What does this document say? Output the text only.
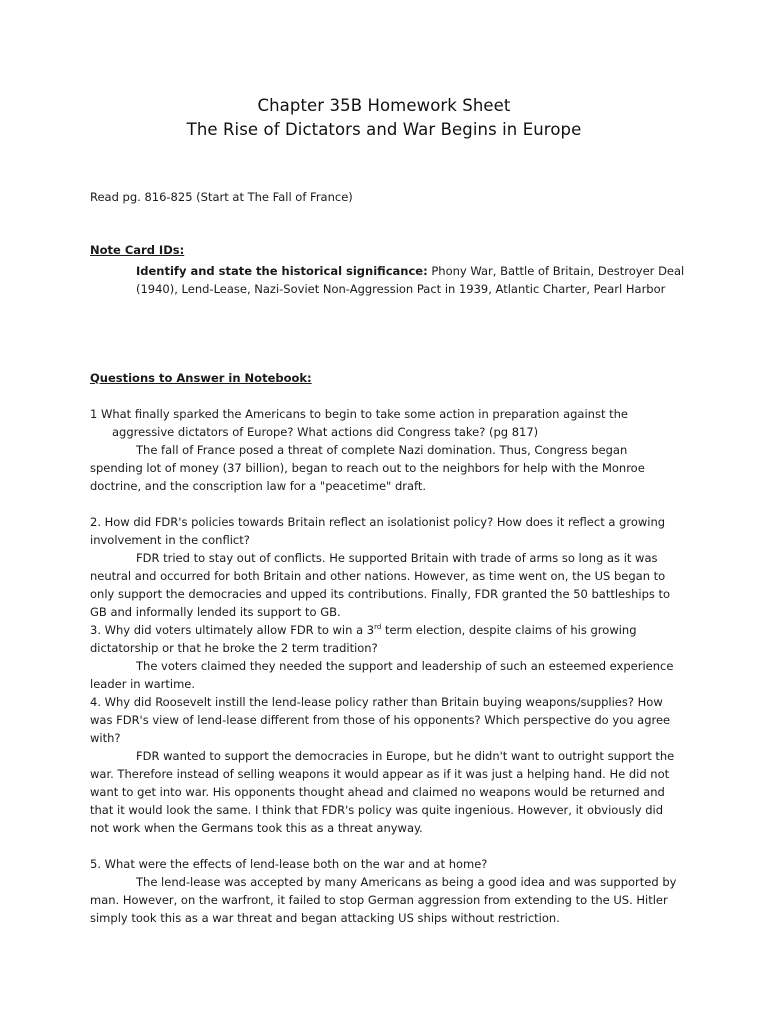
Chapter 35B Homework Sheet
The Rise of Dictators and War Begins in Europe
Read pg. 816-825 (Start at The Fall of France)
Note Card IDs:
Identify and state the historical significance: Phony War, Battle of Britain, Destroyer Deal (1940), Lend-Lease, Nazi-Soviet Non-Aggression Pact in 1939, Atlantic Charter, Pearl Harbor
Questions to Answer in Notebook:
1 What finally sparked the Americans to begin to take some action in preparation against the aggressive dictators of Europe? What actions did Congress take? (pg 817)
The fall of France posed a threat of complete Nazi domination. Thus, Congress began spending lot of money (37 billion), began to reach out to the neighbors for help with the Monroe doctrine, and the conscription law for a "peacetime" draft.
2. How did FDR's policies towards Britain reflect an isolationist policy? How does it reflect a growing involvement in the conflict?
FDR tried to stay out of conflicts. He supported Britain with trade of arms so long as it was neutral and occurred for both Britain and other nations. However, as time went on, the US began to only support the democracies and upped its contributions. Finally, FDR granted the 50 battleships to GB and informally lended its support to GB.
3. Why did voters ultimately allow FDR to win a 3rd term election, despite claims of his growing dictatorship or that he broke the 2 term tradition?
The voters claimed they needed the support and leadership of such an esteemed experience leader in wartime.
4. Why did Roosevelt instill the lend-lease policy rather than Britain buying weapons/supplies? How was FDR's view of lend-lease different from those of his opponents? Which perspective do you agree with?
FDR wanted to support the democracies in Europe, but he didn't want to outright support the war. Therefore instead of selling weapons it would appear as if it was just a helping hand. He did not want to get into war. His opponents thought ahead and claimed no weapons would be returned and that it would look the same. I think that FDR's policy was quite ingenious. However, it obviously did not work when the Germans took this as a threat anyway.
5. What were the effects of lend-lease both on the war and at home?
The lend-lease was accepted by many Americans as being a good idea and was supported by man. However, on the warfront, it failed to stop German aggression from extending to the US. Hitler simply took this as a war threat and began attacking US ships without restriction.
